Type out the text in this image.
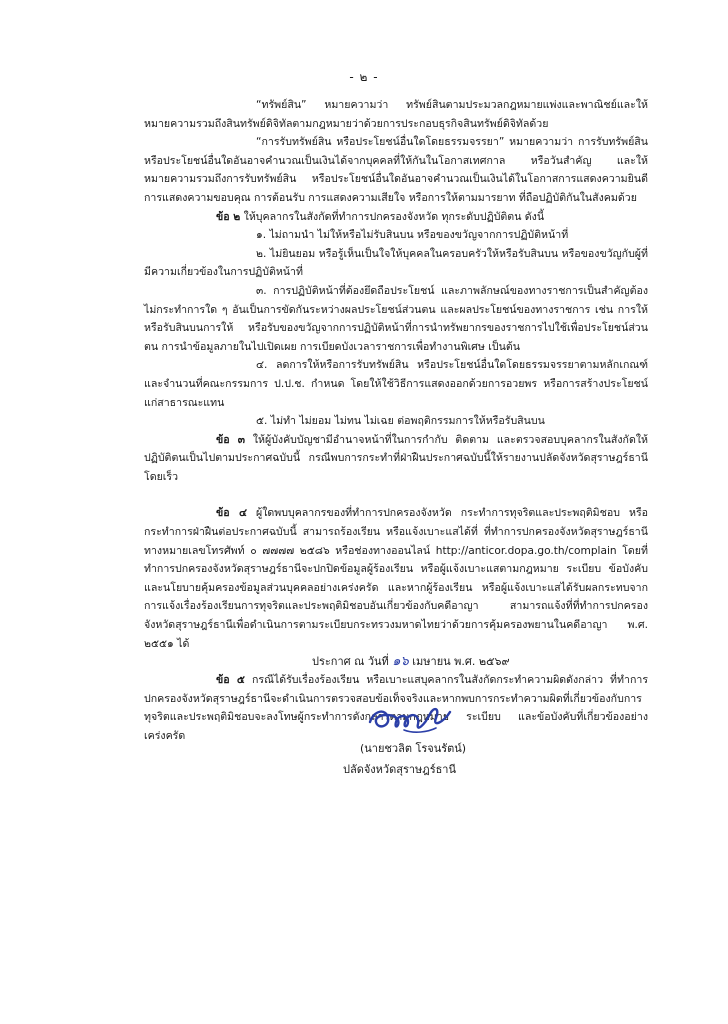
- ๒ -

“ทรัพย์สิน” หมายความว่า ทรัพย์สินตามประมวลกฎหมายแพ่งและพาณิชย์และให้หมายความรวมถึงสินทรัพย์ดิจิทัลตามกฎหมายว่าด้วยการประกอบธุรกิจสินทรัพย์ดิจิทัลด้วย

“การรับทรัพย์สิน หรือประโยชน์อื่นใดโดยธรรมจรรยา” หมายความว่า การรับทรัพย์สินหรือประโยชน์อื่นใดอันอาจคำนวณเป็นเงินได้จากบุคคลที่ให้กันในโอกาสเทศกาล หรือวันสำคัญ และให้หมายความรวมถึงการรับทรัพย์สิน หรือประโยชน์อื่นใดอันอาจคำนวณเป็นเงินได้ในโอกาสการแสดงความยินดีการแสดงความขอบคุณ การต้อนรับ การแสดงความเสียใจ หรือการให้ตามมารยาท ที่ถือปฏิบัติกันในสังคมด้วย

ข้อ ๒ ให้บุคลากรในสังกัดที่ทำการปกครองจังหวัด ทุกระดับปฏิบัติตน ดังนี้

๑. ไม่ถามนำ ไม่ให้หรือไม่รับสินบน หรือของขวัญจากการปฏิบัติหน้าที่

๒. ไม่ยินยอม หรือรู้เห็นเป็นใจให้บุคคลในครอบครัวให้หรือรับสินบน หรือของขวัญกับผู้ที่มีความเกี่ยวข้องในการปฏิบัติหน้าที่

๓. การปฏิบัติหน้าที่ต้องยึดถือประโยชน์ และภาพลักษณ์ของทางราชการเป็นสำคัญต้องไม่กระทำการใด ๆ อันเป็นการขัดกันระหว่างผลประโยชน์ส่วนตน และผลประโยชน์ของทางราชการ เช่น การให้ หรือรับสินบนการให้ หรือรับของขวัญจากการปฏิบัติหน้าที่การนำทรัพยากรของราชการไปใช้เพื่อประโยชน์ส่วนตน การนำข้อมูลภายในไปเปิดเผย การเบียดบังเวลาราชการเพื่อทำงานพิเศษ เป็นต้น

๔. ลดการให้หรือการรับทรัพย์สิน หรือประโยชน์อื่นใดโดยธรรมจรรยาตามหลักเกณฑ์และจำนวนที่คณะกรรมการ ป.ป.ช. กำหนด โดยให้ใช้วิธีการแสดงออกด้วยการอวยพร หรือการสร้างประโยชน์แก่สาธารณะแทน

๕. ไม่ทำ ไม่ยอม ไม่ทน ไม่เฉย ต่อพฤติกรรมการให้หรือรับสินบน

ข้อ ๓ ให้ผู้บังคับบัญชามีอำนาจหน้าที่ในการกำกับ ติดตาม และตรวจสอบบุคลากรในสังกัดให้ปฏิบัติตนเป็นไปตามประกาศฉบับนี้ กรณีพบการกระทำที่ฝ่าฝืนประกาศฉบับนี้ให้รายงานปลัดจังหวัดสุราษฎร์ธานีโดยเร็ว

ข้อ ๔ ผู้ใดพบบุคลากรของที่ทำการปกครองจังหวัด กระทำการทุจริตและประพฤติมิชอบ หรือกระทำการฝ่าฝืนต่อประกาศฉบับนี้ สามารถร้องเรียน หรือแจ้งเบาะแสได้ที่ ที่ทำการปกครองจังหวัดสุราษฎร์ธานี ทางหมายเลขโทรศัพท์ ๐ ๗๗๗๗ ๒๕๘๖ หรือช่องทางออนไลน์ http://anticor.dopa.go.th/complain โดยที่ทำการปกครองจังหวัดสุราษฎร์ธานีจะปกปิดข้อมูลผู้ร้องเรียน หรือผู้แจ้งเบาะแสตามกฎหมาย ระเบียบ ข้อบังคับ และนโยบายคุ้มครองข้อมูลส่วนบุคคลอย่างเคร่งครัด และหากผู้ร้องเรียน หรือผู้แจ้งเบาะแสได้รับผลกระทบจากการแจ้งเรื่องร้องเรียนการทุจริตและประพฤติมิชอบอันเกี่ยวข้องกับคดีอาญา สามารถแจ้งที่ที่ทำการปกครองจังหวัดสุราษฎร์ธานีเพื่อดำเนินการตามระเบียบกระทรวงมหาดไทยว่าด้วยการคุ้มครองพยานในคดีอาญา พ.ศ. ๒๕๕๑ ได้

ข้อ ๕ กรณีได้รับเรื่องร้องเรียน หรือเบาะแสบุคลากรในสังกัดกระทำความผิดดังกล่าว ที่ทำการปกครองจังหวัดสุราษฎร์ธานีจะดำเนินการตรวจสอบข้อเท็จจริงและหากพบการกระทำความผิดที่เกี่ยวข้องกับการทุจริตและประพฤติมิชอบจะลงโทษผู้กระทำการดังกล่าวตามกฎหมาย ระเบียบ และข้อบังคับที่เกี่ยวข้องอย่างเคร่งครัด

ประกาศ ณ วันที่ ๑๖ เมษายน พ.ศ. ๒๕๖๙
(นายชวลิต โรจนรัตน์)
ปลัดจังหวัดสุราษฎร์ธานี
